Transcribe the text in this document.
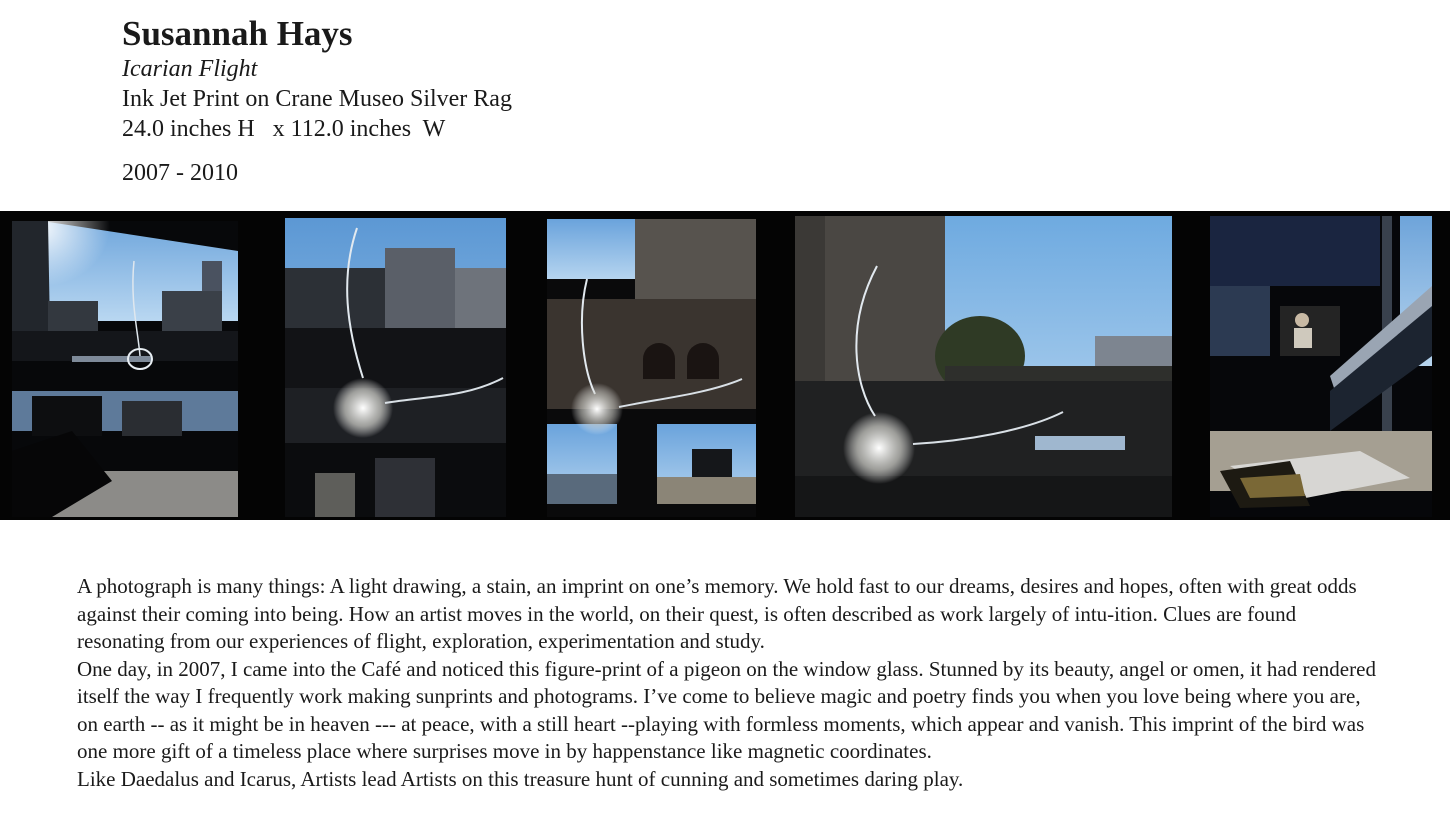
Susannah Hays
Icarian Flight
Ink Jet Print on Crane Museo Silver Rag
24.0 inches H   x 112.0 inches  W
2007 - 2010

A photograph is many things: A light drawing, a stain, an imprint on one’s memory. We hold fast to our dreams, desires and hopes, often with great odds against their coming into being. How an artist moves in the world, on their quest, is often described as work largely of intu-ition. Clues are found resonating from our experiences of flight, exploration, experimentation and study.

One day, in 2007, I came into the Café and noticed this figure-print of a pigeon on the window glass. Stunned by its beauty, angel or omen, it had rendered itself the way I frequently work making sunprints and photograms. I’ve come to believe magic and poetry finds you when you love being where you are, on earth -- as it might be in heaven --- at peace, with a still heart --playing with formless moments, which appear and vanish. This imprint of the bird was one more gift of a timeless place where surprises move in by happenstance like magnetic coordinates.

Like Daedalus and Icarus, Artists lead Artists on this treasure hunt of cunning and sometimes daring play.
